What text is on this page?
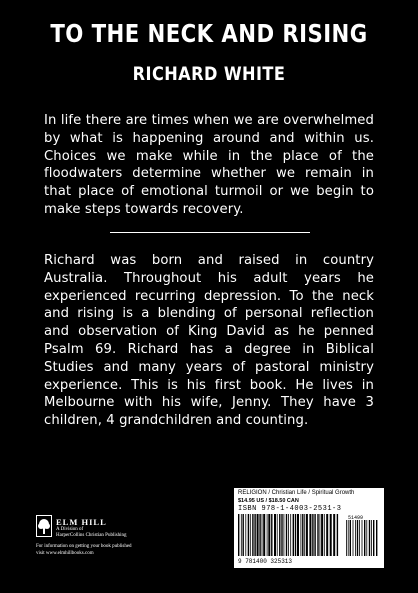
TO THE NECK AND RISING
RICHARD WHITE
In life there are times when we are overwhelmed by what is happening around and within us. Choices we make while in the place of the floodwaters determine whether we remain in that place of emotional turmoil or we begin to make steps towards recovery.
Richard was born and raised in country Australia. Throughout his adult years he experienced recurring depression. To the neck and rising is a blending of personal reflection and observation of King David as he penned Psalm 69. Richard has a degree in Biblical Studies and many years of pastoral ministry experience. This is his first book. He lives in Melbourne with his wife, Jenny. They have 3 children, 4 grandchildren and counting.
ELM HILL
A Division of
HarperCollins Christian Publishing
For information on getting your book published
visit www.elmhillbooks.com
RELIGION / Christian Life / Spiritual Growth
$14.95 US / $18.50 CAN
ISBN 978-1-4003-2531-3
51499
9 781400 325313
